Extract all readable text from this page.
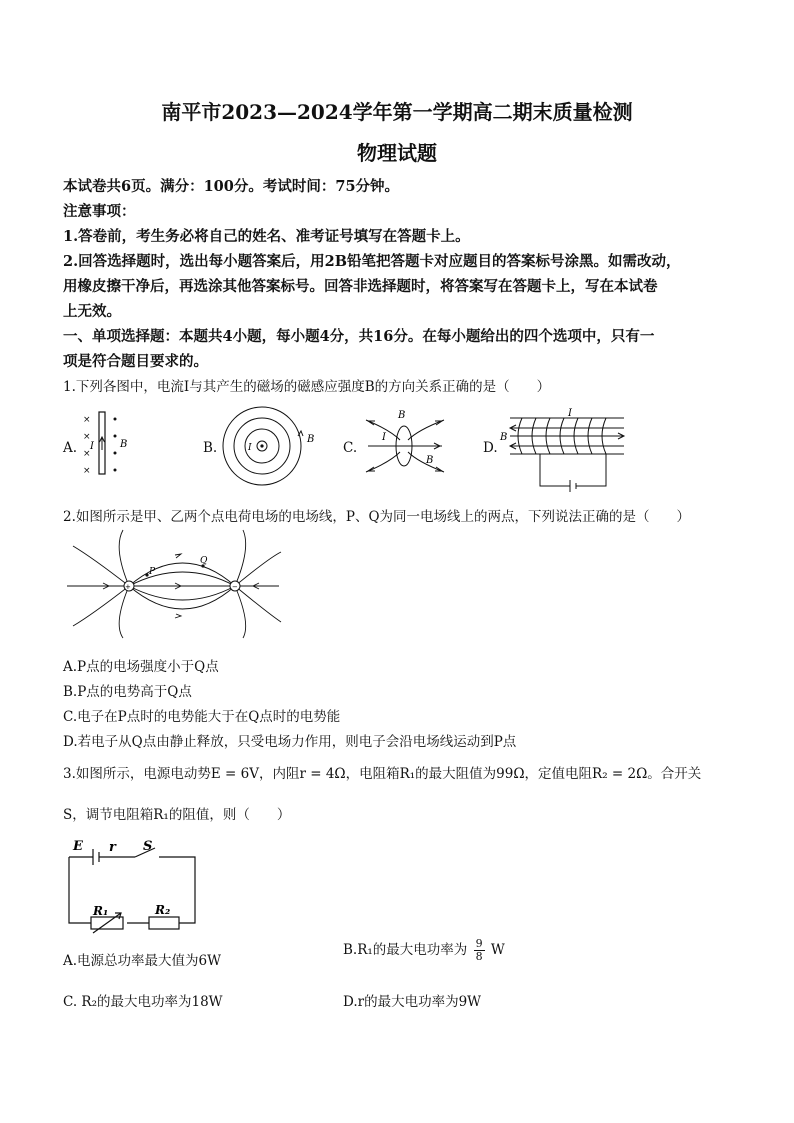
南平市2023—2024学年第一学期高二期末质量检测
物理试题
本试卷共6页。满分：100分。考试时间：75分钟。
注意事项：
1.答卷前，考生务必将自己的姓名、准考证号填写在答题卡上。
2.回答选择题时，选出每小题答案后，用2B铅笔把答题卡对应题目的答案标号涂黑。如需改动，
用橡皮擦干净后，再选涂其他答案标号。回答非选择题时，将答案写在答题卡上，写在本试卷
上无效。
一、单项选择题：本题共4小题，每小题4分，共16分。在每小题给出的四个选项中，只有一
项是符合题目要求的。
1.下列各图中，电流I与其产生的磁场的磁感应强度B的方向关系正确的是（　　）
A.
×
×
×
×
I	B	B.	I
B
C.
I
B
B
D.
I
B
2.如图所示是甲、乙两个点电荷电场的电场线，P、Q为同一电场线上的两点，下列说法正确的是（　　）
+	−
P
Q
A.P点的电场强度小于Q点
B.P点的电势高于Q点
C.电子在P点时的电势能大于在Q点时的电势能
D.若电子从Q点由静止释放，只受电场力作用，则电子会沿电场线运动到P点
3.如图所示，电源电动势E = 6V，内阻r = 4Ω，电阻箱R₁的最大阻值为99Ω，定值电阻R₂ = 2Ω。合开关
S，调节电阻箱R₁的阻值，则（　　）
E r S
R₁	R₂
A.电源总功率最大值为6W
B.R₁的最大电功率为 $\frac{9}{8}$ W
C. R₂的最大电功率为18W	D.r的最大电功率为9W
